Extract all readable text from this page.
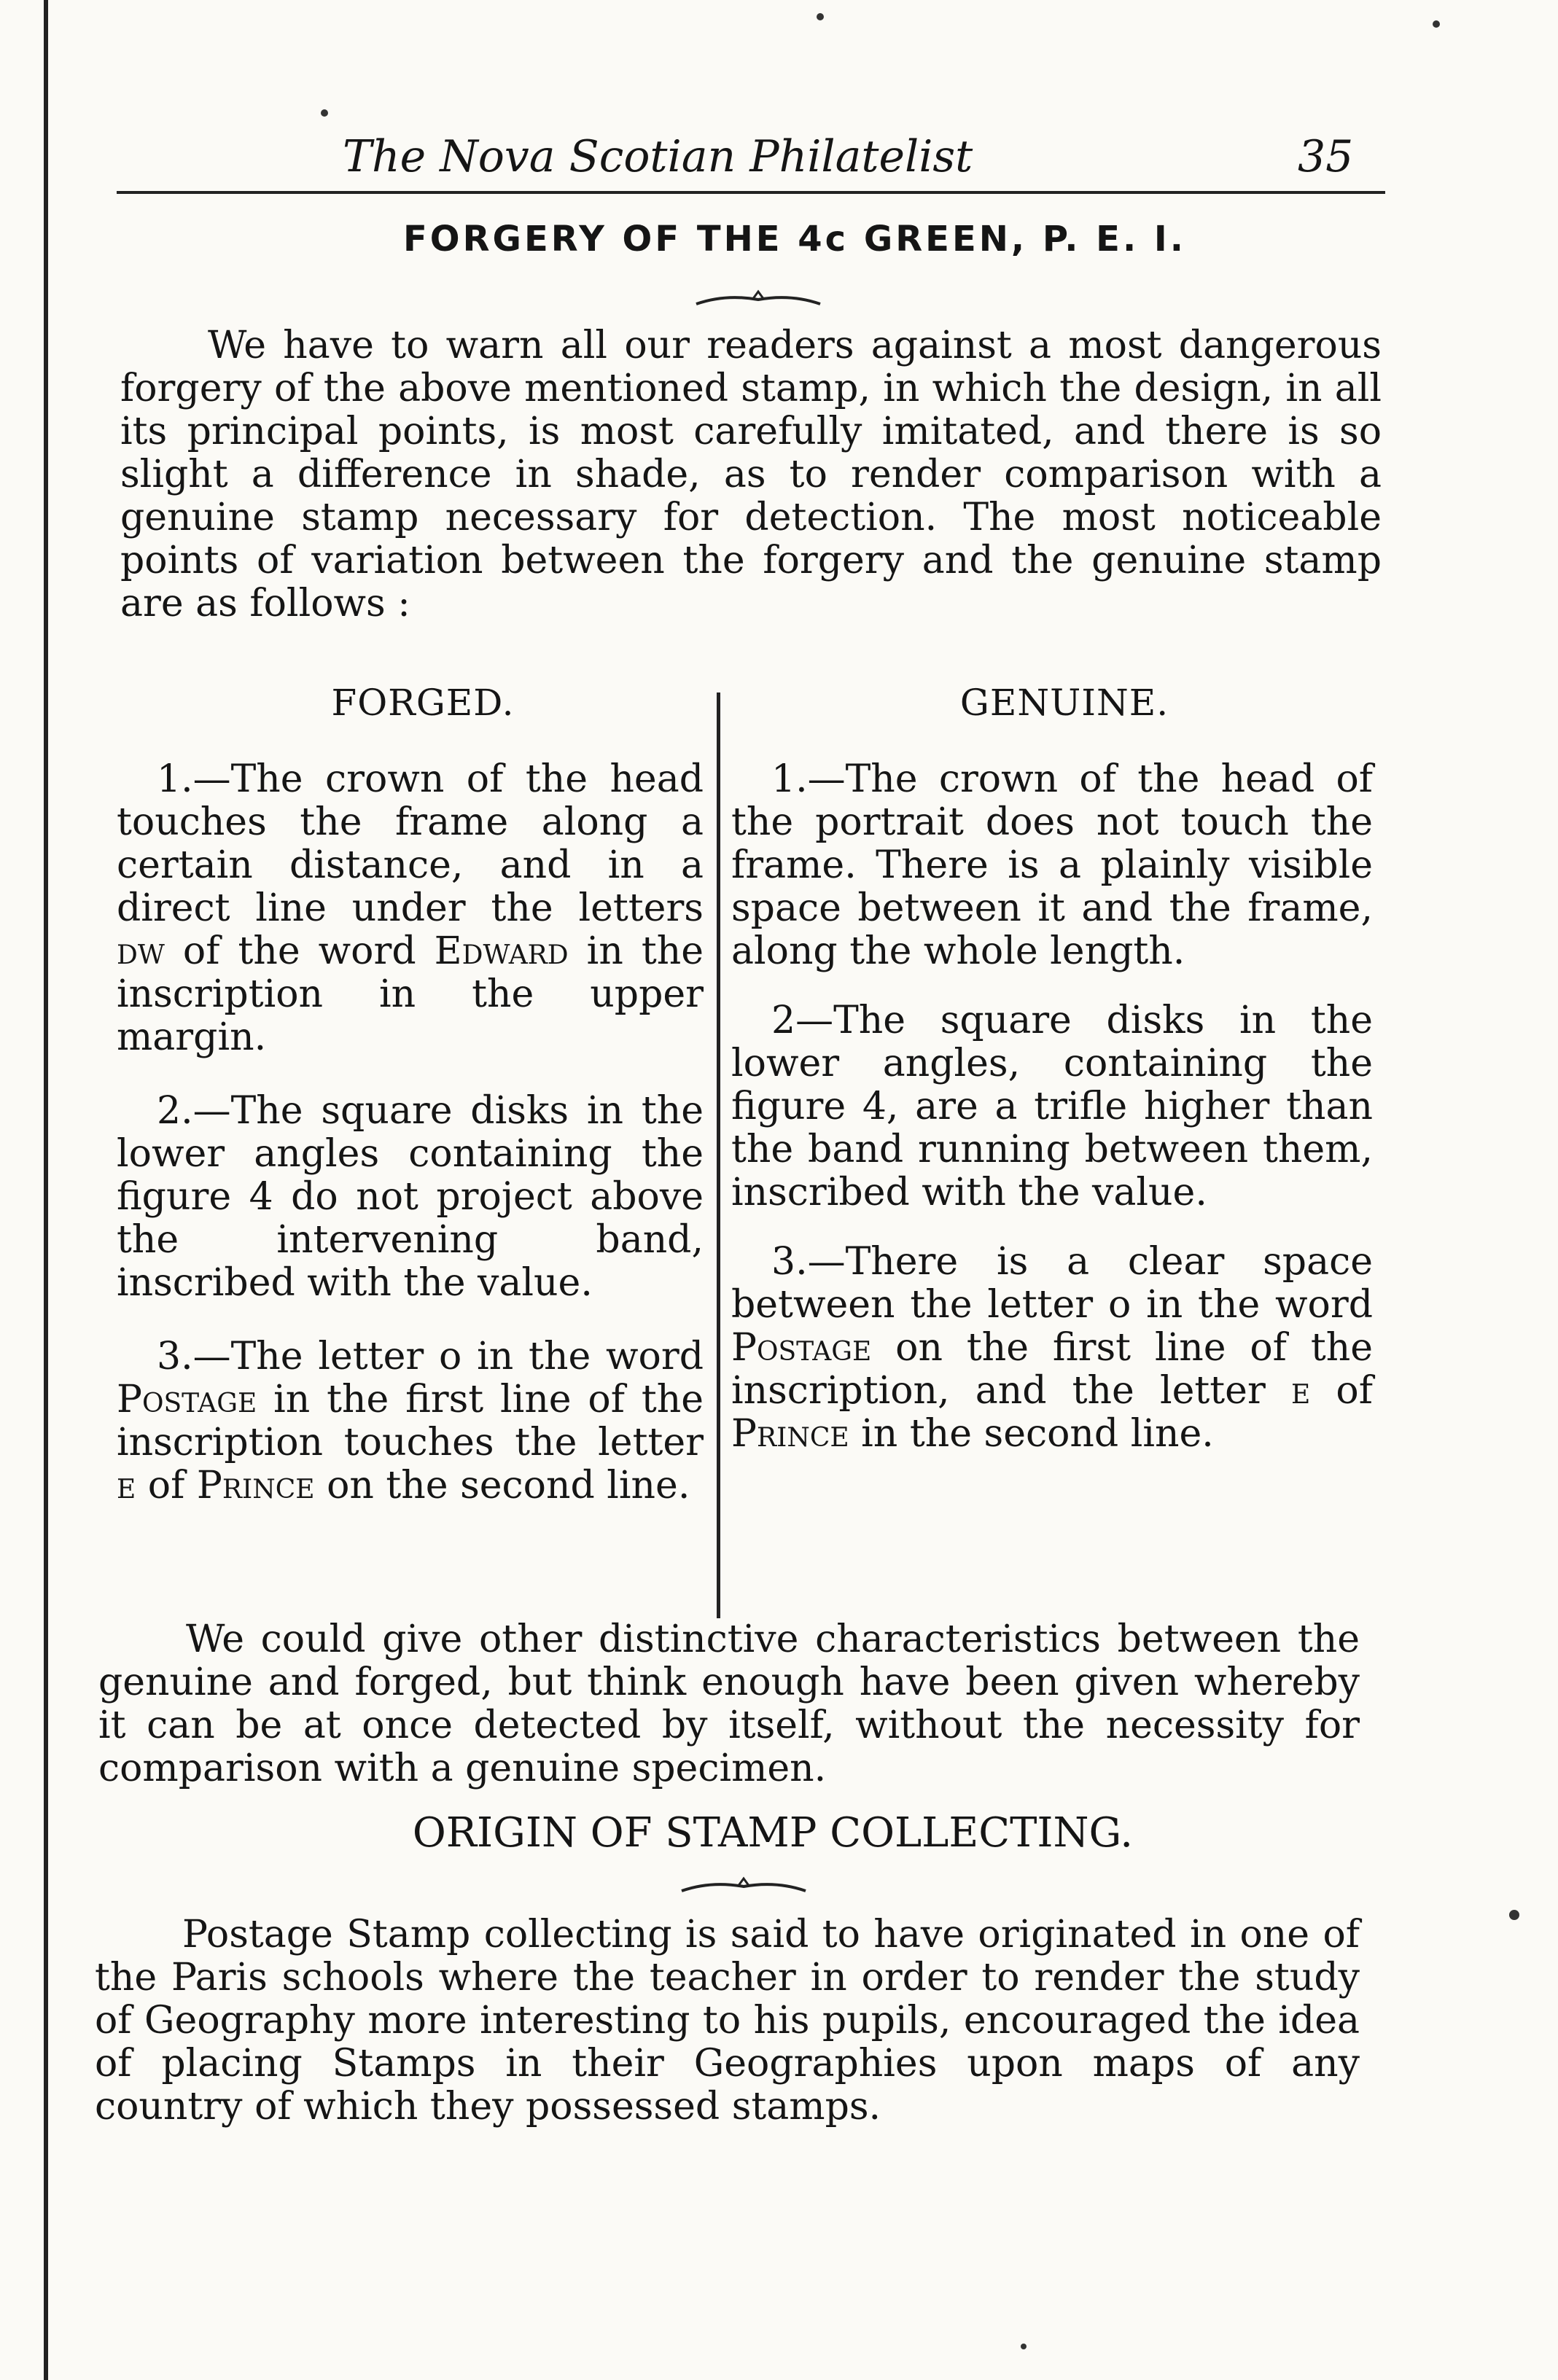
The Nova Scotian Philatelist	35
FORGERY OF THE 4c GREEN, P. E. I.
We have to warn all our readers against a most dangerous forgery of the above mentioned stamp, in which the design, in all its principal points, is most carefully imitated, and there is so slight a difference in shade, as to render comparison with a genuine stamp necessary for detection. The most noticeable points of variation between the forgery and the genuine stamp are as follows :
FORGED.	GENUINE.

1.—The crown of the head touches the frame along a certain distance, and in a direct line under the letters dw of the word Edward in the inscription in the upper margin.

2.—The square disks in the lower angles containing the figure 4 do not project above the intervening band, inscribed with the value.

3.—The letter o in the word Postage in the first line of the inscription touches the letter e of Prince on the second line.

1.—The crown of the head of the portrait does not touch the frame. There is a plainly visible space between it and the frame, along the whole length.

2—The square disks in the lower angles, containing the figure 4, are a trifle higher than the band running between them, inscribed with the value.

3.—There is a clear space between the letter o in the word Postage on the first line of the inscription, and the letter e of Prince in the second line.

We could give other distinctive characteristics between the genuine and forged, but think enough have been given whereby it can be at once detected by itself, without the necessity for comparison with a genuine specimen.
ORIGIN OF STAMP COLLECTING.
Postage Stamp collecting is said to have originated in one of the Paris schools where the teacher in order to render the study of Geography more interesting to his pupils, encouraged the idea of placing Stamps in their Geographies upon maps of any country of which they possessed stamps.
